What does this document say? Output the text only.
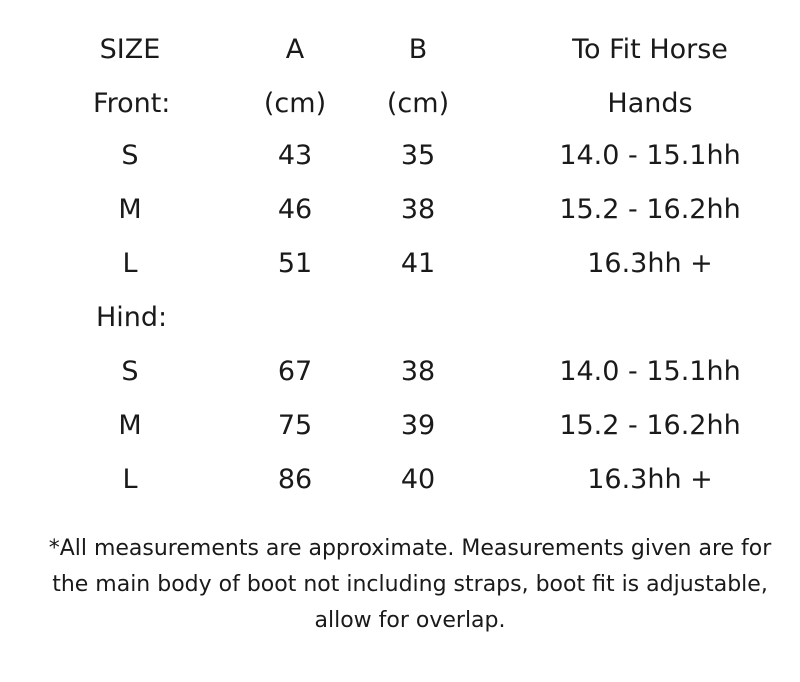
SIZE	A	B	To Fit Horse
Front:	(cm)	(cm)	Hands
S	43	35	14.0 - 15.1hh
M	46	38	15.2 - 16.2hh
L	51	41	16.3hh +
Hind:
S	67	38	14.0 - 15.1hh
M	75	39	15.2 - 16.2hh
L	86	40	16.3hh +
*All measurements are approximate. Measurements given are for
the main body of boot not including straps, boot fit is adjustable,
allow for overlap.
